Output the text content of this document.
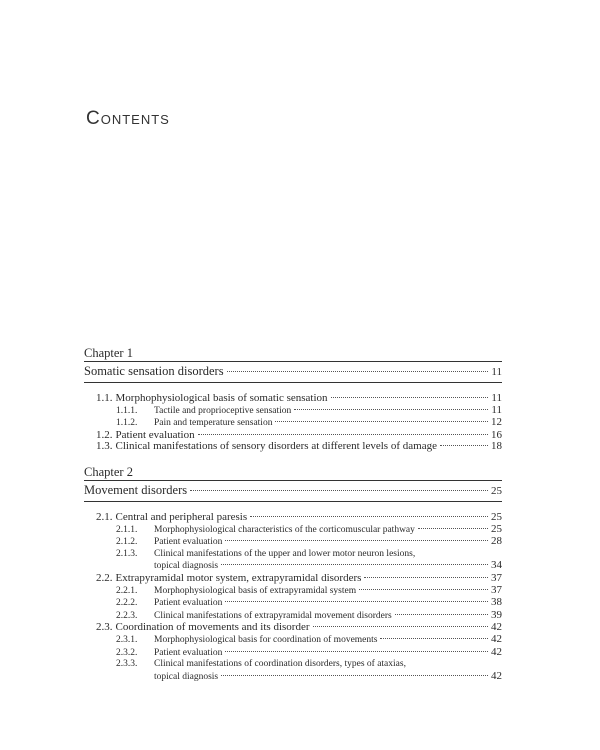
Contents
Chapter 1
Somatic sensation disorders	11
1.1. Morphophysiological basis of somatic sensation	11
1.1.1.	Tactile and proprioceptive sensation	11
1.1.2.	Pain and temperature sensation	12
1.2. Patient evaluation	16
1.3. Clinical manifestations of sensory disorders at different levels of damage	18
Chapter 2
Movement disorders	25
2.1. Central and peripheral paresis	25
2.1.1.	Morphophysiological characteristics of the corticomuscular pathway	25
2.1.2.	Patient evaluation	28
2.1.3.	Clinical manifestations of the upper and lower motor neuron lesions,
topical diagnosis	34
2.2. Extrapyramidal motor system, extrapyramidal disorders	37
2.2.1.	Morphophysiological basis of extrapyramidal system	37
2.2.2.	Patient evaluation	38
2.2.3.	Clinical manifestations of extrapyramidal movement disorders	39
2.3. Coordination of movements and its disorder	42
2.3.1.	Morphophysiological basis for coordination of movements	42
2.3.2.	Patient evaluation	42
2.3.3.	Clinical manifestations of coordination disorders, types of ataxias,
topical diagnosis	42
